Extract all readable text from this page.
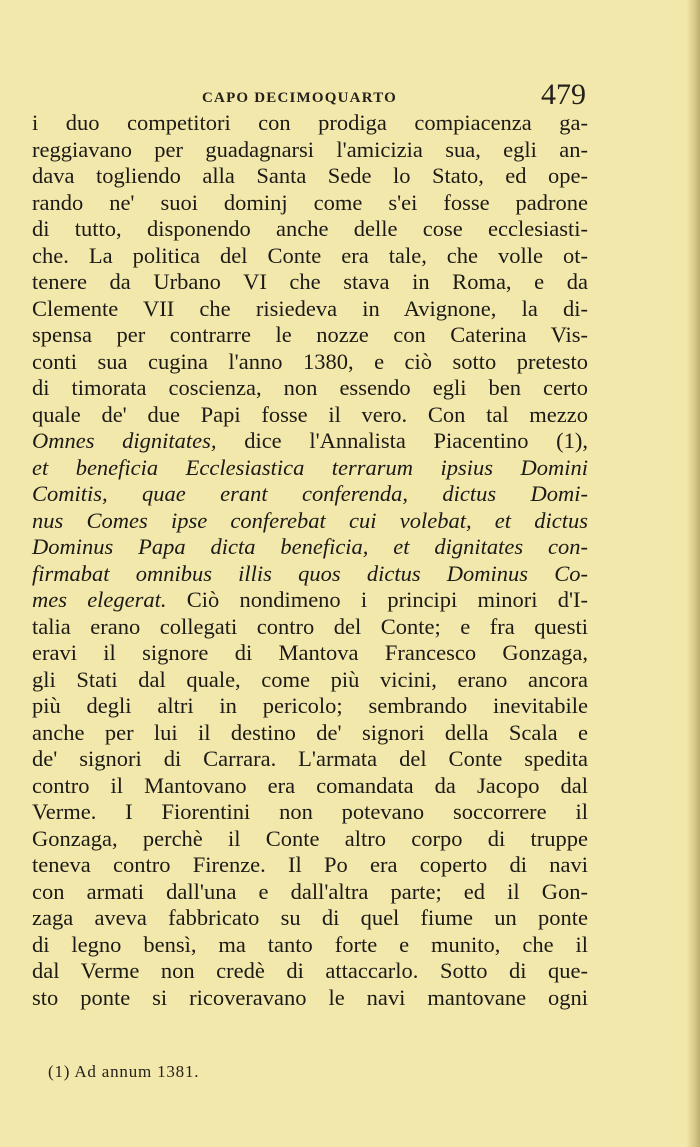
CAPO DECIMOQUARTO	479
i duo competitori con prodiga compiacenza ga-
reggiavano per guadagnarsi l'amicizia sua, egli an-
dava togliendo alla Santa Sede lo Stato, ed ope-
rando ne' suoi dominj come s'ei fosse padrone
di tutto, disponendo anche delle cose ecclesiasti-
che. La politica del Conte era tale, che volle ot-
tenere da Urbano VI che stava in Roma, e da
Clemente VII che risiedeva in Avignone, la di-
spensa per contrarre le nozze con Caterina Vis-
conti sua cugina l'anno 1380, e ciò sotto pretesto
di timorata coscienza, non essendo egli ben certo
quale de' due Papi fosse il vero. Con tal mezzo
Omnes dignitates, dice l'Annalista Piacentino (1),
et beneficia Ecclesiastica terrarum ipsius Domini
Comitis, quae erant conferenda, dictus Domi-
nus Comes ipse conferebat cui volebat, et dictus
Dominus Papa dicta beneficia, et dignitates con-
firmabat omnibus illis quos dictus Dominus Co-
mes elegerat. Ciò nondimeno i principi minori d'I-
talia erano collegati contro del Conte; e fra questi
eravi il signore di Mantova Francesco Gonzaga,
gli Stati dal quale, come più vicini, erano ancora
più degli altri in pericolo; sembrando inevitabile
anche per lui il destino de' signori della Scala e
de' signori di Carrara. L'armata del Conte spedita
contro il Mantovano era comandata da Jacopo dal
Verme. I Fiorentini non potevano soccorrere il
Gonzaga, perchè il Conte altro corpo di truppe
teneva contro Firenze. Il Po era coperto di navi
con armati dall'una e dall'altra parte; ed il Gon-
zaga aveva fabbricato su di quel fiume un ponte
di legno bensì, ma tanto forte e munito, che il
dal Verme non credè di attaccarlo. Sotto di que-
sto ponte si ricoveravano le navi mantovane ogni
(1) Ad annum 1381.
